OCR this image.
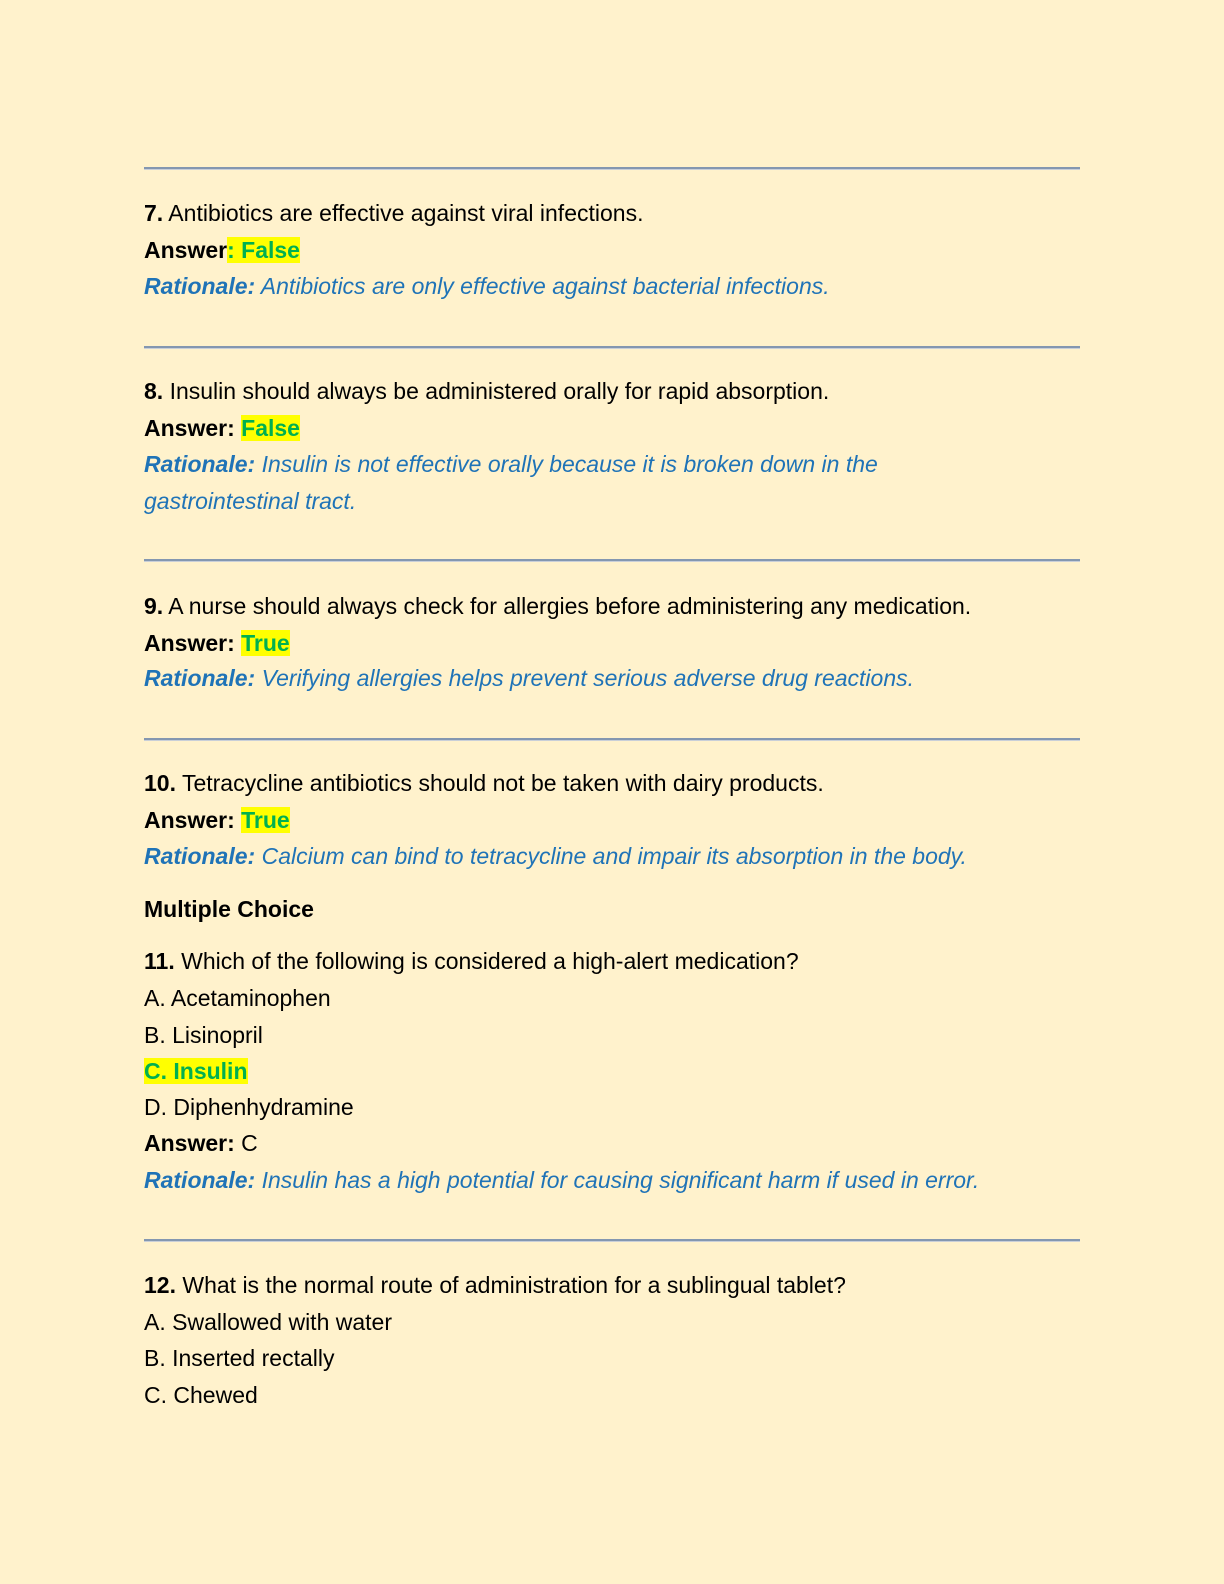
7. Antibiotics are effective against viral infections.
Answer: False
Rationale: Antibiotics are only effective against bacterial infections.
8. Insulin should always be administered orally for rapid absorption.
Answer: False
Rationale: Insulin is not effective orally because it is broken down in the
gastrointestinal tract.
9. A nurse should always check for allergies before administering any medication.
Answer: True
Rationale: Verifying allergies helps prevent serious adverse drug reactions.
10. Tetracycline antibiotics should not be taken with dairy products.
Answer: True
Rationale: Calcium can bind to tetracycline and impair its absorption in the body.
Multiple Choice
11. Which of the following is considered a high-alert medication?
A. Acetaminophen
B. Lisinopril
C. Insulin
D. Diphenhydramine
Answer: C
Rationale: Insulin has a high potential for causing significant harm if used in error.
12. What is the normal route of administration for a sublingual tablet?
A. Swallowed with water
B. Inserted rectally
C. Chewed
